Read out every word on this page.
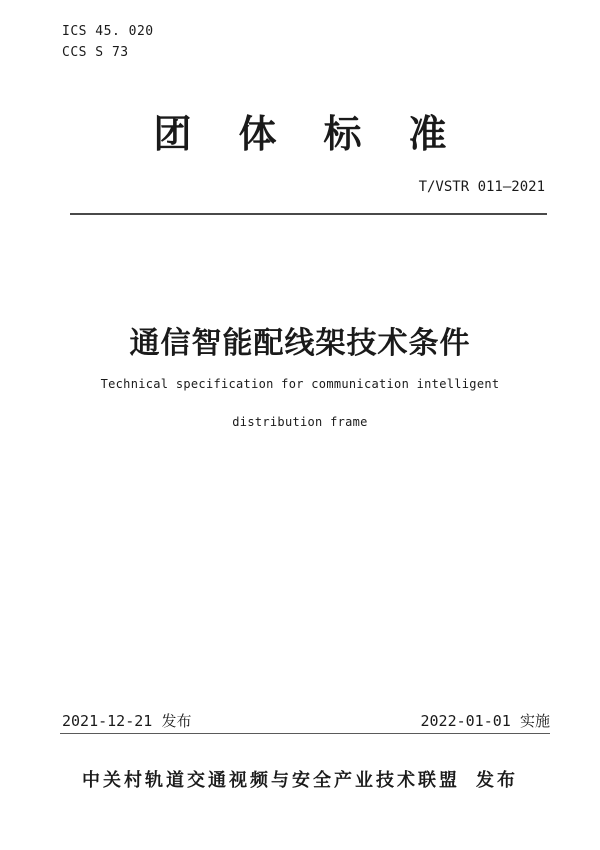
ICS 45. 020
CCS S 73
团体标准
T/VSTR 011—2021
通信智能配线架技术条件
Technical specification for communication intelligent
distribution frame
2021-12-21 发布	2022-01-01 实施
中关村轨道交通视频与安全产业技术联盟 发布
